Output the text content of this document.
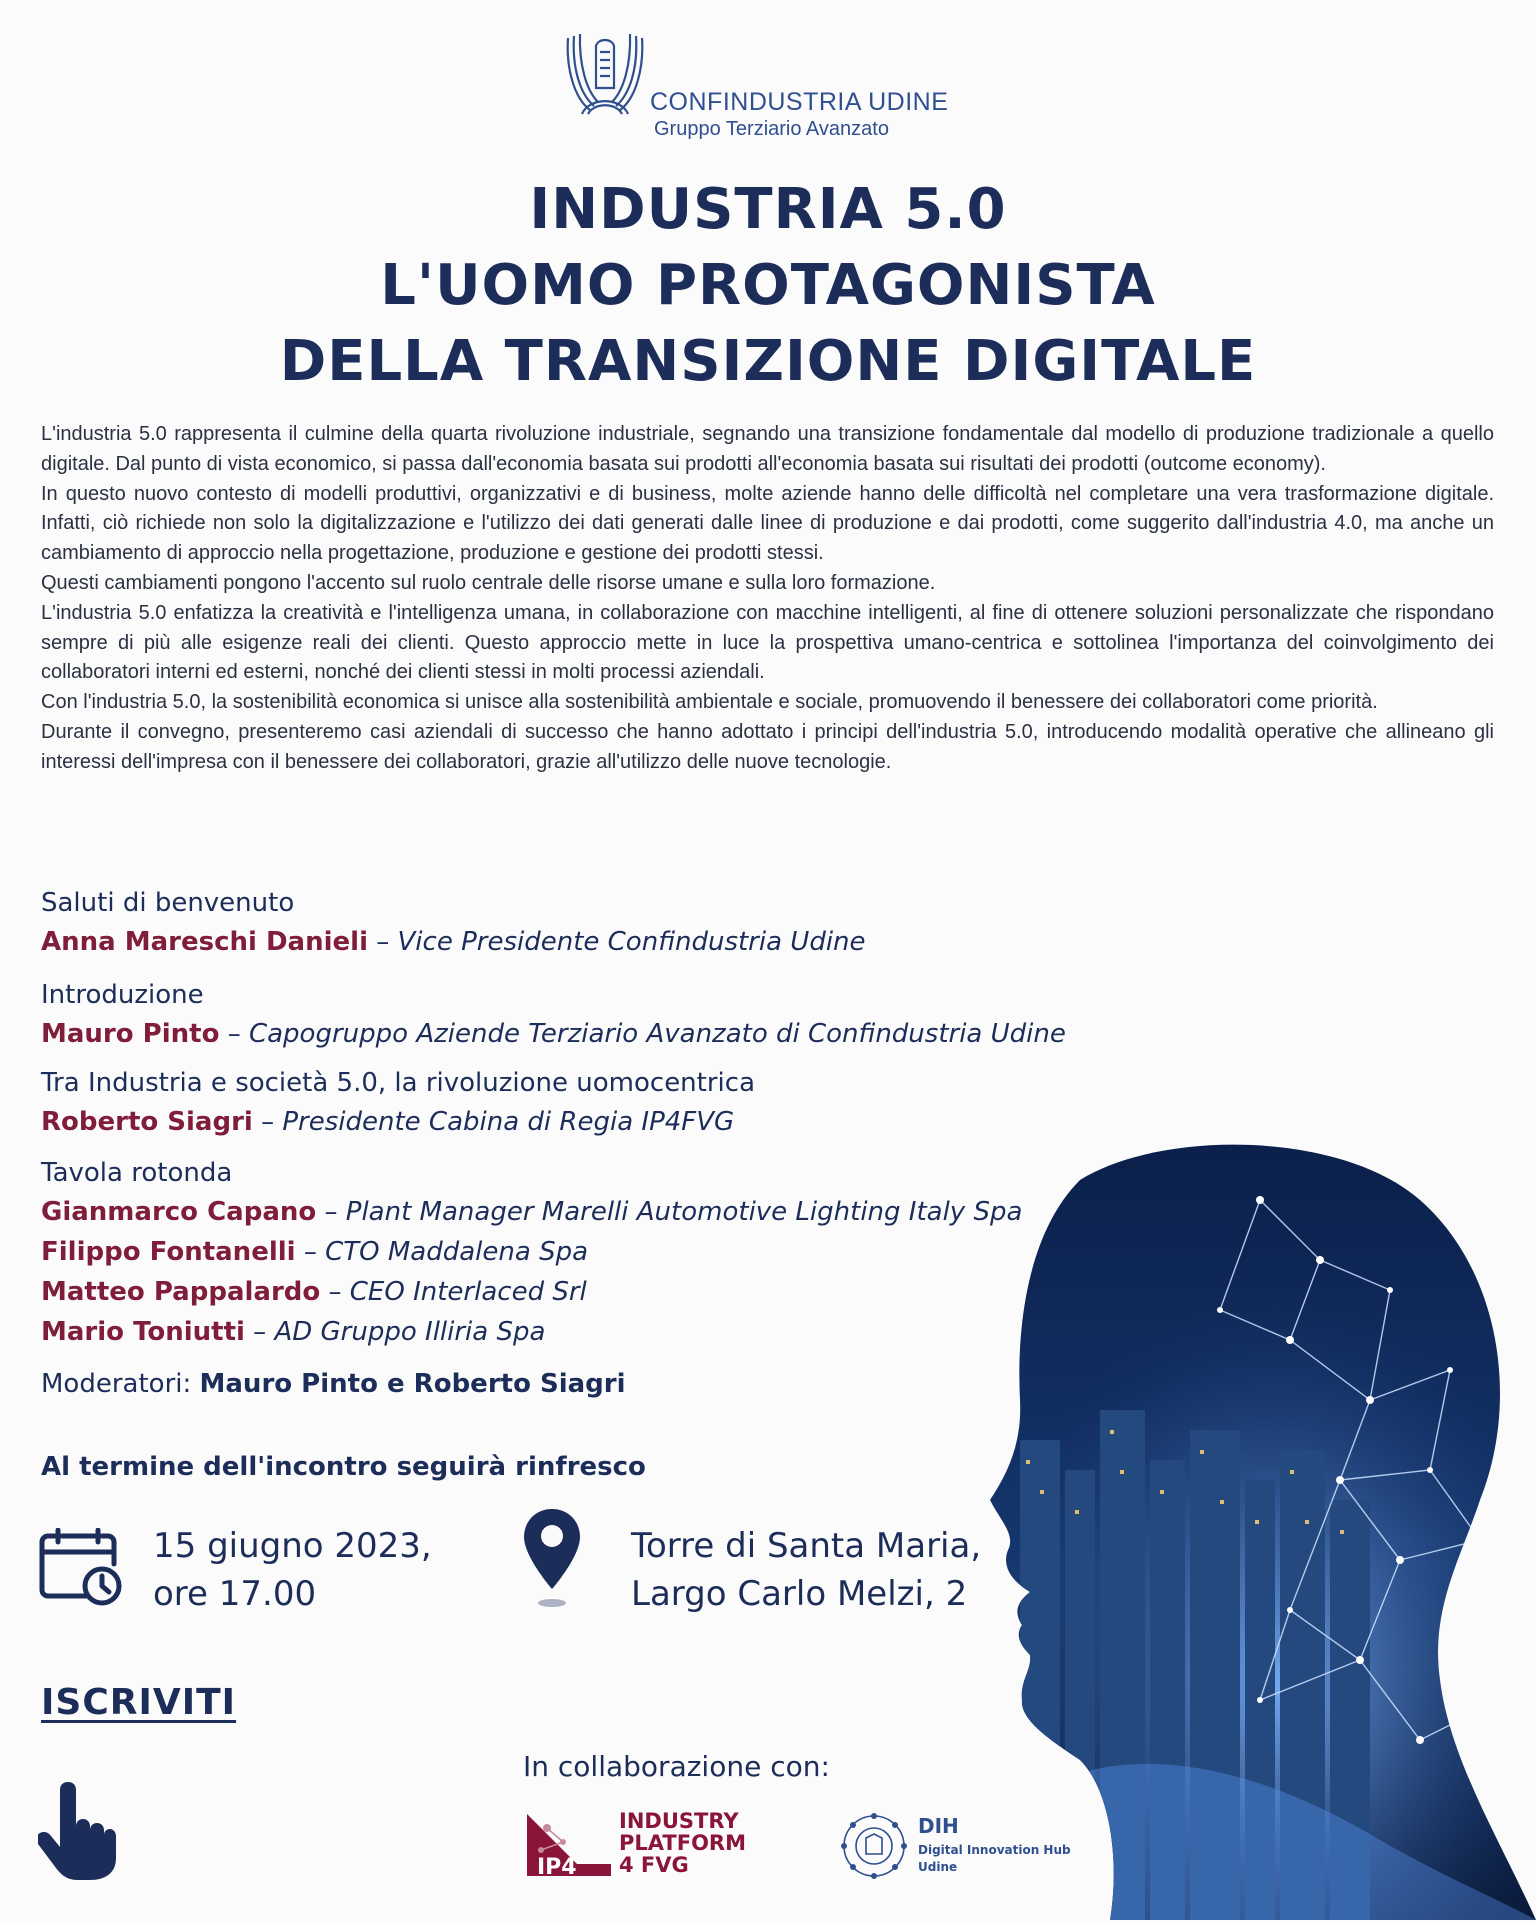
CONFINDUSTRIA UDINE
Gruppo Terziario Avanzato
INDUSTRIA 5.0
L'UOMO PROTAGONISTA
DELLA TRANSIZIONE DIGITALE

L'industria 5.0 rappresenta il culmine della quarta rivoluzione industriale, segnando una transizione fondamentale dal modello di produzione tradizionale a quello digitale. Dal punto di vista economico, si passa dall'economia basata sui prodotti all'economia basata sui risultati dei prodotti (outcome economy).

In questo nuovo contesto di modelli produttivi, organizzativi e di business, molte aziende hanno delle difficoltà nel completare una vera trasformazione digitale. Infatti, ciò richiede non solo la digitalizzazione e l'utilizzo dei dati generati dalle linee di produzione e dai prodotti, come suggerito dall'industria 4.0, ma anche un cambiamento di approccio nella progettazione, produzione e gestione dei prodotti stessi.

Questi cambiamenti pongono l'accento sul ruolo centrale delle risorse umane e sulla loro formazione.

L'industria 5.0 enfatizza la creatività e l'intelligenza umana, in collaborazione con macchine intelligenti, al fine di ottenere soluzioni personalizzate che rispondano sempre di più alle esigenze reali dei clienti. Questo approccio mette in luce la prospettiva umano-centrica e sottolinea l'importanza del coinvolgimento dei collaboratori interni ed esterni, nonché dei clienti stessi in molti processi aziendali.

Con l'industria 5.0, la sostenibilità economica si unisce alla sostenibilità ambientale e sociale, promuovendo il benessere dei collaboratori come priorità.

Durante il convegno, presenteremo casi aziendali di successo che hanno adottato i principi dell'industria 5.0, introducendo modalità operative che allineano gli interessi dell'impresa con il benessere dei collaboratori, grazie all'utilizzo delle nuove tecnologie.

Saluti di benvenuto
Anna Mareschi Danieli – Vice Presidente Confindustria Udine
Introduzione
Mauro Pinto – Capogruppo Aziende Terziario Avanzato di Confindustria Udine
Tra Industria e società 5.0, la rivoluzione uomocentrica
Roberto Siagri – Presidente Cabina di Regia IP4FVG
Tavola rotonda
Gianmarco Capano – Plant Manager Marelli Automotive Lighting Italy Spa
Filippo Fontanelli – CTO Maddalena Spa
Matteo Pappalardo – CEO Interlaced Srl
Mario Toniutti – AD Gruppo Illiria Spa
Moderatori: Mauro Pinto e Roberto Siagri
Al termine dell'incontro seguirà rinfresco
15 giugno 2023,
ore 17.00
Torre di Santa Maria,
Largo Carlo Melzi, 2
ISCRIVITI
In collaborazione con:
IP4
INDUSTRY
PLATFORM
4 FVG
DIH
Digital Innovation Hub
Udine
